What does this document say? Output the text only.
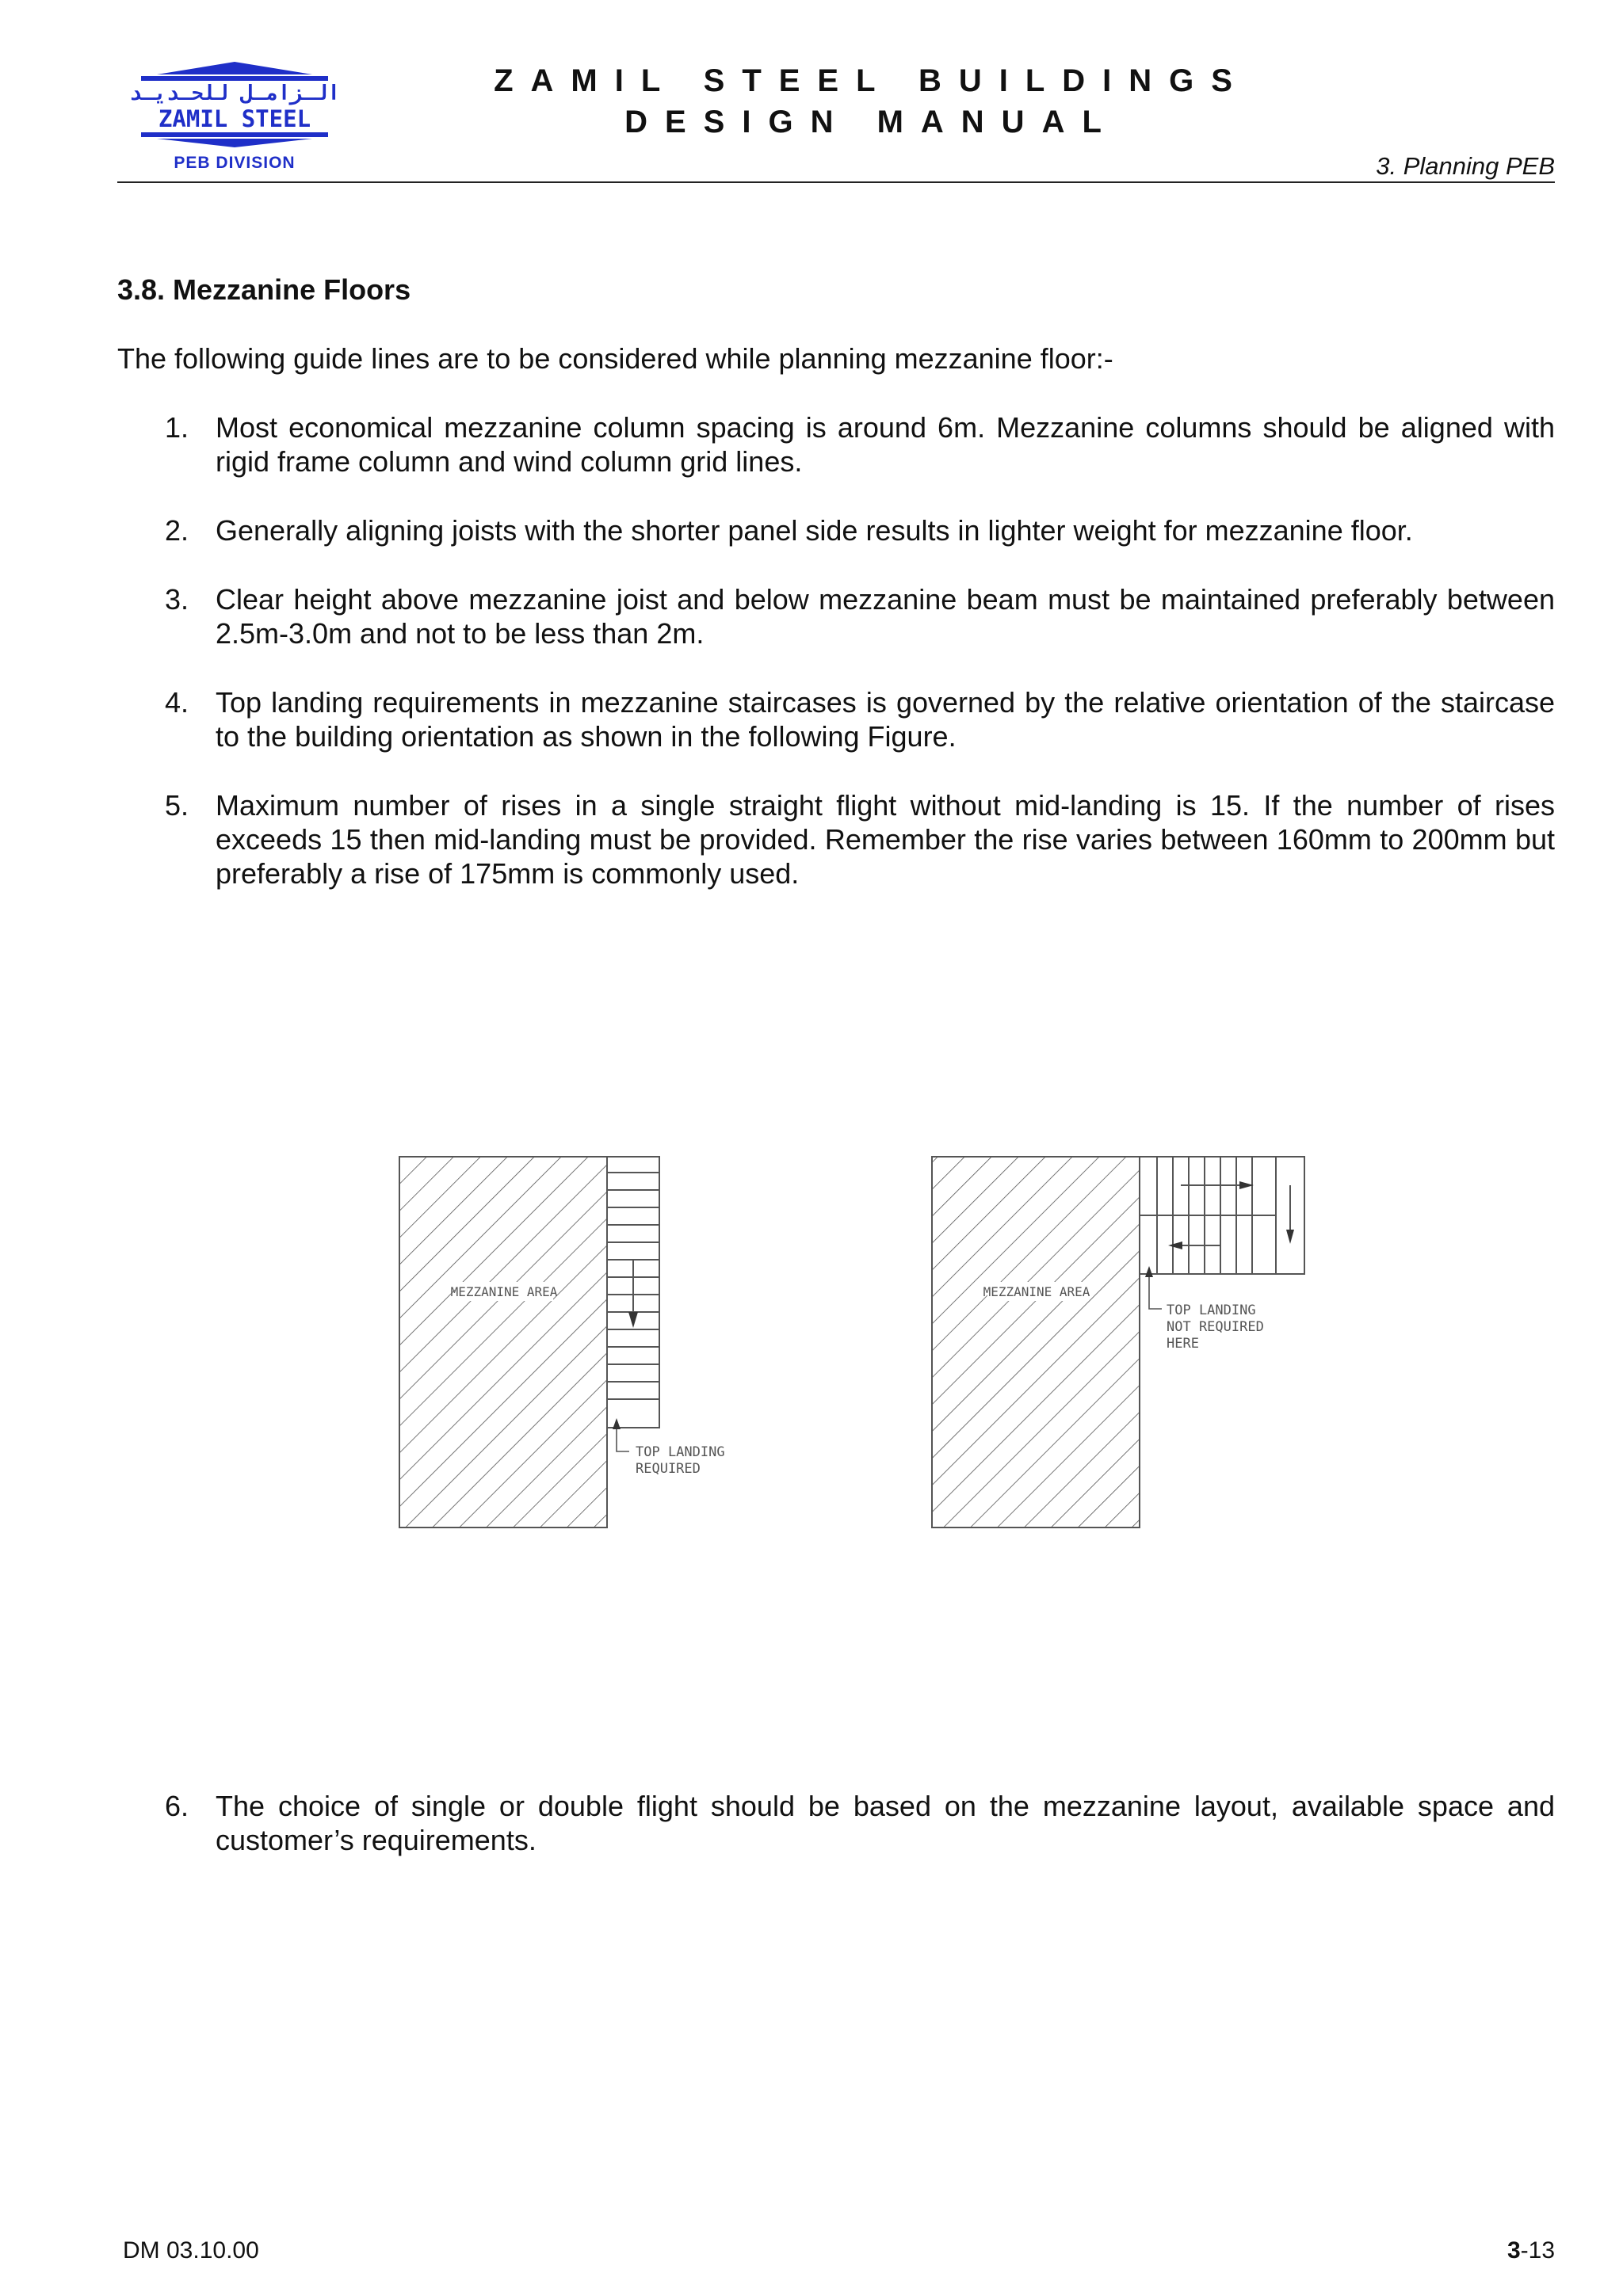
الـزامـل للحـديـد
ZAMIL STEEL
PEB DIVISION
ZAMIL STEEL BUILDINGS
DESIGN MANUAL
3. Planning PEB
3.8. Mezzanine Floors
The following guide lines are to be considered while planning mezzanine floor:-
1. Most economical mezzanine column spacing is around 6m. Mezzanine columns should be aligned with rigid frame column and wind column grid lines.
2. Generally aligning joists with the shorter panel side results in lighter weight for mezzanine floor.
3. Clear height above mezzanine joist and below mezzanine beam must be maintained preferably between 2.5m-3.0m and not to be less than 2m.
4. Top landing requirements in mezzanine staircases is governed by the relative orientation of the staircase to the building orientation as shown in the following Figure.
5. Maximum number of rises in a single straight flight without mid-landing is 15. If the number of rises exceeds 15 then mid-landing must be provided. Remember the rise varies between 160mm to 200mm but preferably a rise of 175mm is commonly used.
MEZZANINE AREA
TOP LANDING
REQUIRED
MEZZANINE AREA
TOP LANDING
NOT REQUIRED
HERE
6. The choice of single or double flight should be based on the mezzanine layout, available space and customer’s requirements.
DM 03.10.00	3-13
